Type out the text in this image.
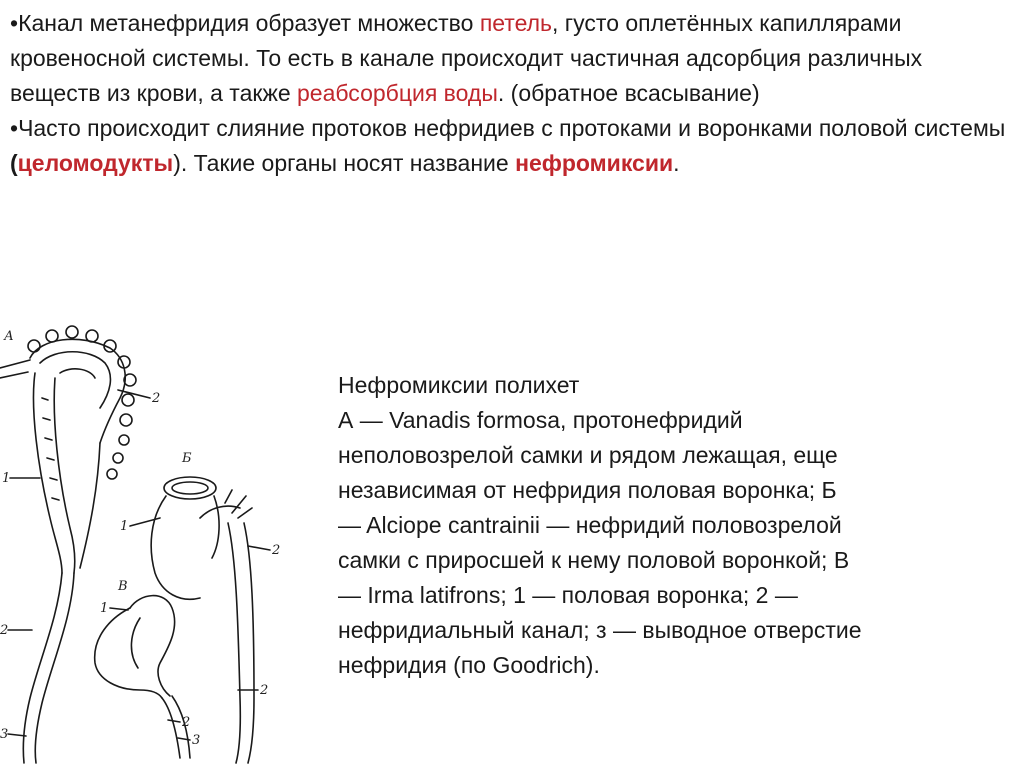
•Канал метанефридия образует множество петель, густо оплетённых капиллярами кровеносной системы. То есть в канале происходит частичная адсорбция различных веществ из крови, а также реабсорбция воды. (обратное всасывание)

•Часто происходит слияние протоков нефридиев с протоками и воронками половой системы (целомодукты). Такие органы носят название нефромиксии.

А
Б
В
2
1
1
2
1
2
2
2
3	3
Нефромиксии полихет
А — Vanadis formosa, протонефридий
неполовозрелой самки и рядом лежащая, еще
независимая от нефридия половая воронка; Б
— Alciope cantrainii — нефридий половозрелой
самки с приросшей к нему половой воронкой; В
— Irma latifrons; 1 — половая воронка; 2 —
нефридиальный канал; з — выводное отверстие
нефридия (по Goodrich).
